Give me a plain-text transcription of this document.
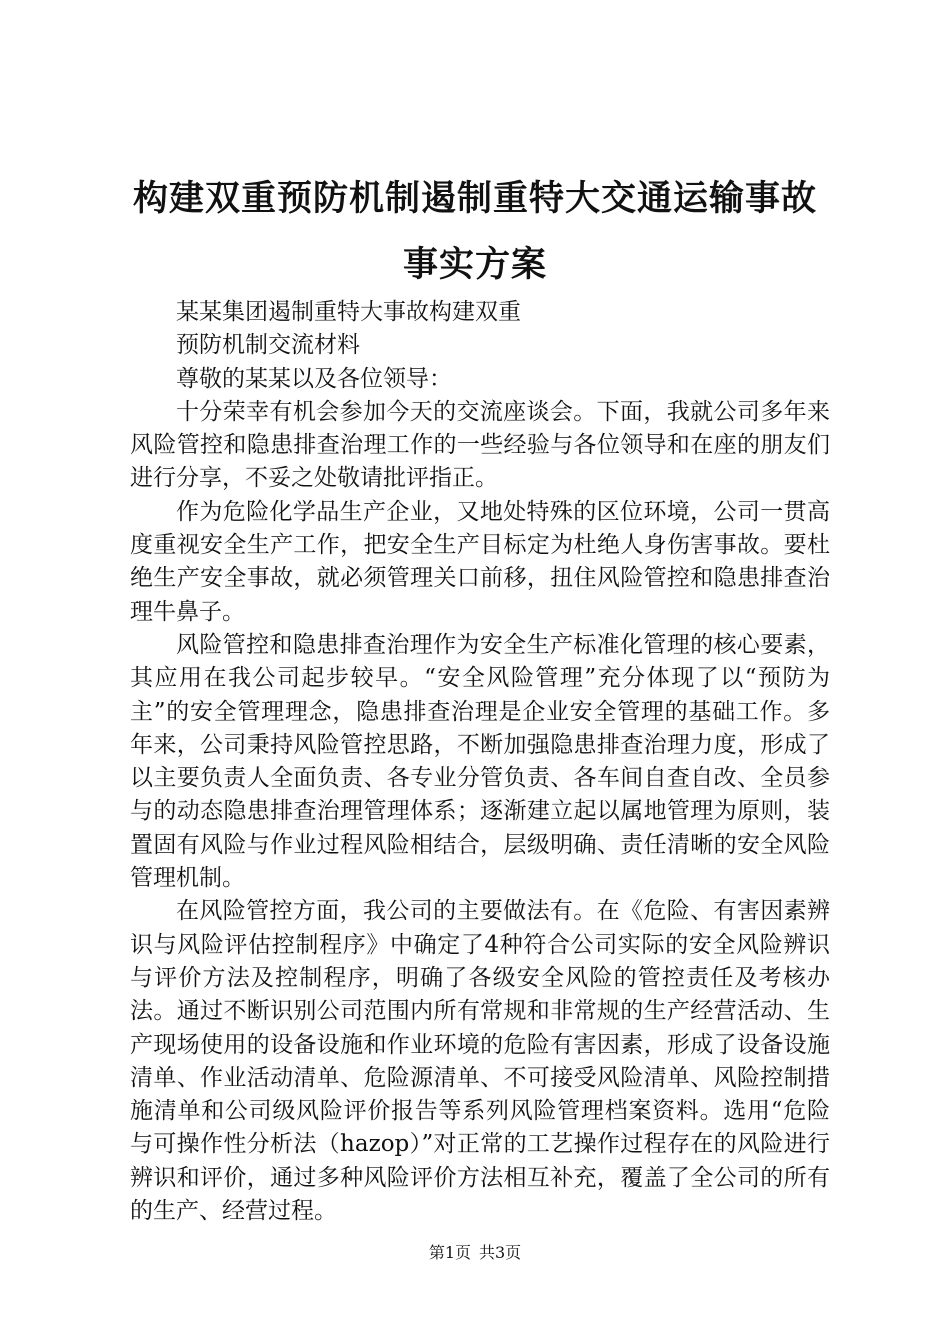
构建双重预防机制遏制重特大交通运输事故事实方案

某某集团遏制重特大事故构建双重

预防机制交流材料

尊敬的某某以及各位领导：

十分荣幸有机会参加今天的交流座谈会。下面，我就公司多年来风险管控和隐患排查治理工作的一些经验与各位领导和在座的朋友们进行分享，不妥之处敬请批评指正。

作为危险化学品生产企业，又地处特殊的区位环境，公司一贯高度重视安全生产工作，把安全生产目标定为杜绝人身伤害事故。要杜绝生产安全事故，就必须管理关口前移，扭住风险管控和隐患排查治理牛鼻子。

风险管控和隐患排查治理作为安全生产标准化管理的核心要素，其应用在我公司起步较早。“安全风险管理”充分体现了以“预防为主”的安全管理理念，隐患排查治理是企业安全管理的基础工作。多年来，公司秉持风险管控思路，不断加强隐患排查治理力度，形成了以主要负责人全面负责、各专业分管负责、各车间自查自改、全员参与的动态隐患排查治理管理体系；逐渐建立起以属地管理为原则，装置固有风险与作业过程风险相结合，层级明确、责任清晰的安全风险管理机制。

在风险管控方面，我公司的主要做法有。在《危险、有害因素辨识与风险评估控制程序》中确定了4种符合公司实际的安全风险辨识与评价方法及控制程序，明确了各级安全风险的管控责任及考核办法。通过不断识别公司范围内所有常规和非常规的生产经营活动、生产现场使用的设备设施和作业环境的危险有害因素，形成了设备设施清单、作业活动清单、危险源清单、不可接受风险清单、风险控制措施清单和公司级风险评价报告等系列风险管理档案资料。选用“危险与可操作性分析法（hazop）”对正常的工艺操作过程存在的风险进行辨识和评价，通过多种风险评价方法相互补充，覆盖了全公司的所有的生产、经营过程。

第1页 共3页
